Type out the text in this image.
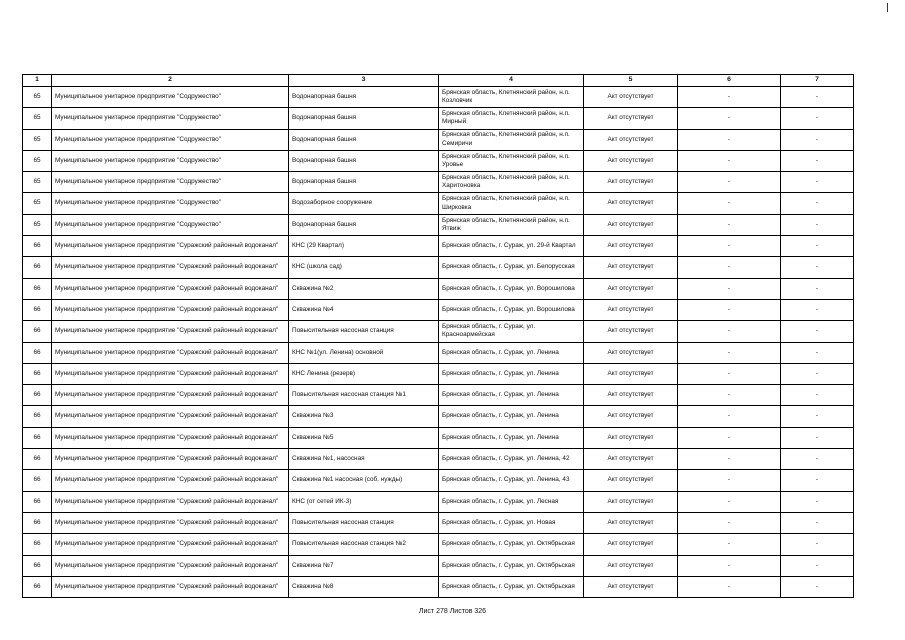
1	2	3	4	5	6	7
65	Муниципальное унитарное предприятие "Содружество"	Водонапорная башня	Брянская область, Клетнянский район, н.п. Козловчик	Акт отсутствует	-	-
65	Муниципальное унитарное предприятие "Содружество"	Водонапорная башня	Брянская область, Клетнянский район, н.п. Мирный	Акт отсутствует	-	-
65	Муниципальное унитарное предприятие "Содружество"	Водонапорная башня	Брянская область, Клетнянский район, н.п. Семиричи	Акт отсутствует	-	-
65	Муниципальное унитарное предприятие "Содружество"	Водонапорная башня	Брянская область, Клетнянский район, н.п. Уровье	Акт отсутствует	-	-
65	Муниципальное унитарное предприятие "Содружество"	Водонапорная башня	Брянская область, Клетнянский район, н.п. Харитоновка	Акт отсутствует	-	-
65	Муниципальное унитарное предприятие "Содружество"	Водозаборное сооружение	Брянская область, Клетнянский район, н.п. Ширковка	Акт отсутствует	-	-
65	Муниципальное унитарное предприятие "Содружество"	Водонапорная башня	Брянская область, Клетнянский район, н.п. Ятвиж	Акт отсутствует	-	-
66	Муниципальное унитарное предприятие "Суражский районный водоканал"	КНС (29 Квартал)	Брянская область, г. Сураж, ул. 29-й Квартал	Акт отсутствует	-	-
66	Муниципальное унитарное предприятие "Суражский районный водоканал"	КНС (школа сад)	Брянская область, г. Сураж, ул. Белорусская	Акт отсутствует	-	-
66	Муниципальное унитарное предприятие "Суражский районный водоканал"	Скважина №2	Брянская область, г. Сураж, ул. Ворошилова	Акт отсутствует	-	-
66	Муниципальное унитарное предприятие "Суражский районный водоканал"	Скважина №4	Брянская область, г. Сураж, ул. Ворошилова	Акт отсутствует	-	-
66	Муниципальное унитарное предприятие "Суражский районный водоканал"	Повысительная насосная станция	Брянская область, г. Сураж, ул. Красноармейская	Акт отсутствует	-	-
66	Муниципальное унитарное предприятие "Суражский районный водоканал"	КНС №1(ул. Ленина) основной	Брянская область, г. Сураж, ул. Ленина	Акт отсутствует	-	-
66	Муниципальное унитарное предприятие "Суражский районный водоканал"	КНС Ленина (резерв)	Брянская область, г. Сураж, ул. Ленина	Акт отсутствует	-	-
66	Муниципальное унитарное предприятие "Суражский районный водоканал"	Повысительная насосная станция №1	Брянская область, г. Сураж, ул. Ленина	Акт отсутствует	-	-
66	Муниципальное унитарное предприятие "Суражский районный водоканал"	Скважина №3	Брянская область, г. Сураж, ул. Ленина	Акт отсутствует	-	-
66	Муниципальное унитарное предприятие "Суражский районный водоканал"	Скважина №5	Брянская область, г. Сураж, ул. Ленина	Акт отсутствует	-	-
66	Муниципальное унитарное предприятие "Суражский районный водоканал"	Скважина №1, насосная	Брянская область, г. Сураж, ул. Ленина, 42	Акт отсутствует	-	-
66	Муниципальное унитарное предприятие "Суражский районный водоканал"	Скважина №1 насосная (соб. нужды)	Брянская область, г. Сураж, ул. Ленина, 43	Акт отсутствует	-	-
66	Муниципальное унитарное предприятие "Суражский районный водоканал"	КНС (от сетей ИК-3)	Брянская область, г. Сураж, ул. Лесная	Акт отсутствует	-	-
66	Муниципальное унитарное предприятие "Суражский районный водоканал"	Повысительная насосная станция	Брянская область, г. Сураж, ул. Новая	Акт отсутствует	-	-
66	Муниципальное унитарное предприятие "Суражский районный водоканал"	Повысительная насосная станция №2	Брянская область, г. Сураж, ул. Октябрьская	Акт отсутствует	-	-
66	Муниципальное унитарное предприятие "Суражский районный водоканал"	Скважина №7	Брянская область, г. Сураж, ул. Октябрьская	Акт отсутствует	-	-
66	Муниципальное унитарное предприятие "Суражский районный водоканал"	Скважина №8	Брянская область, г. Сураж, ул. Октябрьская	Акт отсутствует	-	-
Лист 278 Листов 326
